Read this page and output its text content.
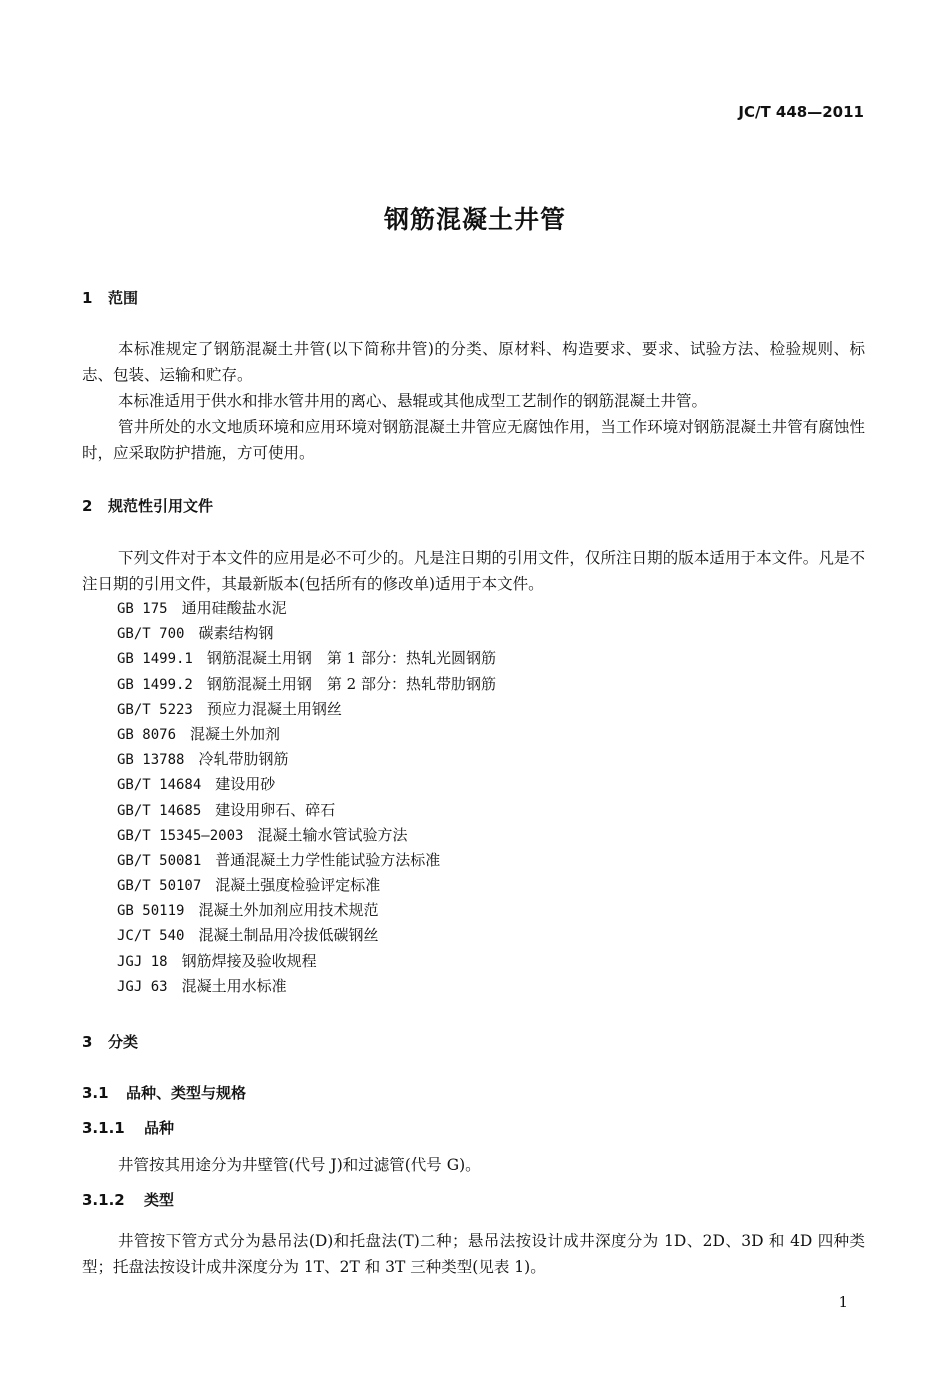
JC/T 448—2011
钢筋混凝土井管
1 范围
本标准规定了钢筋混凝土井管(以下简称井管)的分类、原材料、构造要求、要求、试验方法、检验规则、标志、包装、运输和贮存。
本标准适用于供水和排水管井用的离心、悬辊或其他成型工艺制作的钢筋混凝土井管。
管井所处的水文地质环境和应用环境对钢筋混凝土井管应无腐蚀作用，当工作环境对钢筋混凝土井管有腐蚀性时，应采取防护措施，方可使用。
2 规范性引用文件
下列文件对于本文件的应用是必不可少的。凡是注日期的引用文件，仅所注日期的版本适用于本文件。凡是不注日期的引用文件，其最新版本(包括所有的修改单)适用于本文件。
GB 175 通用硅酸盐水泥
GB/T 700 碳素结构钢
GB 1499.1 钢筋混凝土用钢　第 1 部分：热轧光圆钢筋
GB 1499.2 钢筋混凝土用钢　第 2 部分：热轧带肋钢筋
GB/T 5223 预应力混凝土用钢丝
GB 8076 混凝土外加剂
GB 13788 冷轧带肋钢筋
GB/T 14684 建设用砂
GB/T 14685 建设用卵石、碎石
GB/T 15345—2003 混凝土输水管试验方法
GB/T 50081 普通混凝土力学性能试验方法标准
GB/T 50107 混凝土强度检验评定标准
GB 50119 混凝土外加剂应用技术规范
JC/T 540 混凝土制品用冷拔低碳钢丝
JGJ 18 钢筋焊接及验收规程
JGJ 63 混凝土用水标准
3 分类
3.1 品种、类型与规格
3.1.1 品种
井管按其用途分为井壁管(代号 J)和过滤管(代号 G)。
3.1.2 类型
井管按下管方式分为悬吊法(D)和托盘法(T)二种；悬吊法按设计成井深度分为 1D、2D、3D 和 4D 四种类型；托盘法按设计成井深度分为 1T、2T 和 3T 三种类型(见表 1)。
1
